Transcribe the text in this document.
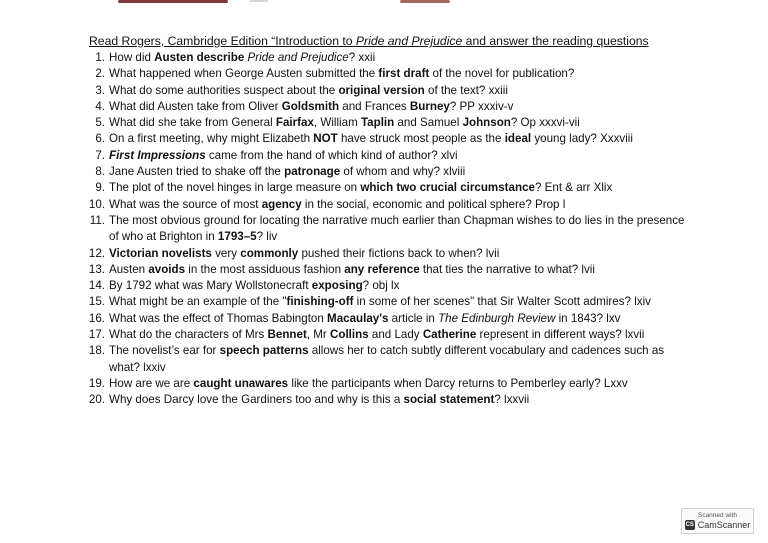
Read Rogers, Cambridge Edition “Introduction to Pride and Prejudice and answer the reading questions
1. How did Austen describe Pride and Prejudice? xxii
2. What happened when George Austen submitted the first draft of the novel for publication?
3. What do some authorities suspect about the original version of the text? xxiii
4. What did Austen take from Oliver Goldsmith and Frances Burney? PP xxxiv-v
5. What did she take from General Fairfax, William Taplin and Samuel Johnson? Op xxxvi-vii
6. On a first meeting, why might Elizabeth NOT have struck most people as the ideal young lady? Xxxviii
7. First Impressions came from the hand of which kind of author? xlvi
8. Jane Austen tried to shake off the patronage of whom and why? xlviii
9. The plot of the novel hinges in large measure on which two crucial circumstance? Ent & arr Xlix
10. What was the source of most agency in the social, economic and political sphere? Prop l
11. The most obvious ground for locating the narrative much earlier than Chapman wishes to do lies in the presence of who at Brighton in 1793–5? liv
12. Victorian novelists very commonly pushed their fictions back to when? lvii
13. Austen avoids in the most assiduous fashion any reference that ties the narrative to what? lvii
14. By 1792 what was Mary Wollstonecraft exposing? obj lx
15. What might be an example of the "finishing-off in some of her scenes" that Sir Walter Scott admires? lxiv
16. What was the effect of Thomas Babington Macaulay's article in The Edinburgh Review in 1843? lxv
17. What do the characters of Mrs Bennet, Mr Collins and Lady Catherine represent in different ways? lxvii
18. The novelist’s ear for speech patterns allows her to catch subtly different vocabulary and cadences such as what? lxxiv
19. How are we are caught unawares like the participants when Darcy returns to Pemberley early? Lxxv
20. Why does Darcy love the Gardiners too and why is this a social statement? lxxvii
Scanned with
CS CamScanner
